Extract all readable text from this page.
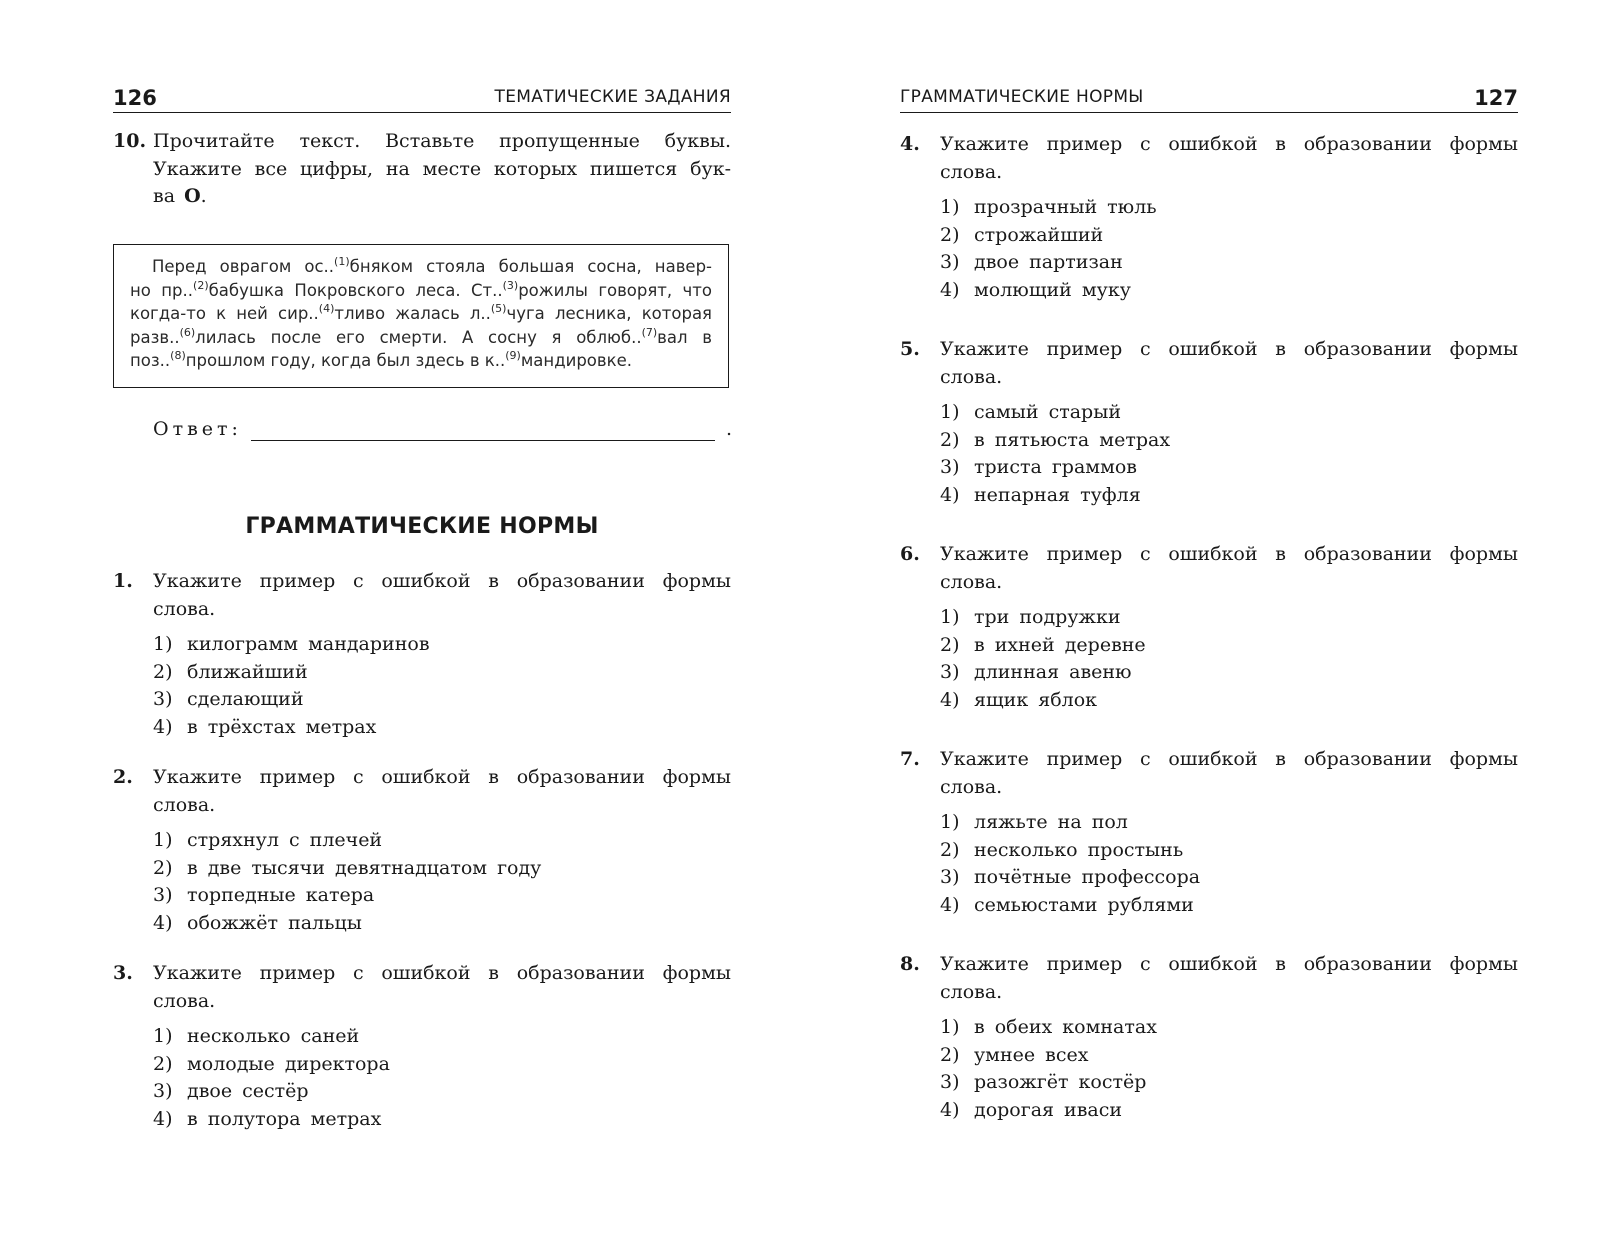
126	ТЕМАТИЧЕСКИЕ ЗАДАНИЯ
10. Прочитайте текст. Вставьте пропущенные буквы.
Укажите все цифры, на месте которых пишется бук-
ва О.
Перед оврагом ос..$^{(1)}$бняком стояла большая сосна, навер-
но пр..$^{(2)}$бабушка Покровского леса. Ст..$^{(3)}$рожилы говорят, что
когда-то к ней сир..$^{(4)}$тливо жалась л..$^{(5)}$чуга лесника, которая
разв..$^{(6)}$лилась после его смерти. А сосну я облюб..$^{(7)}$вал в
поз..$^{(8)}$прошлом году, когда был здесь в к..$^{(9)}$мандировке.
Ответ:	.
ГРАММАТИЧЕСКИЕ НОРМЫ
1. Укажите пример с ошибкой в образовании формы
слова.
1) килограмм мандаринов
2) ближайший
3) сделающий
4) в трёхстах метрах
2. Укажите пример с ошибкой в образовании формы
слова.
1) стряхнул с плечей
2) в две тысячи девятнадцатом году
3) торпедные катера
4) обожжёт пальцы
3. Укажите пример с ошибкой в образовании формы
слова.
1) несколько саней
2) молодые директора
3) двое сестёр
4) в полутора метрах
ГРАММАТИЧЕСКИЕ НОРМЫ	127
4. Укажите пример с ошибкой в образовании формы
слова.
1) прозрачный тюль
2) строжайший
3) двое партизан
4) молющий муку
5. Укажите пример с ошибкой в образовании формы
слова.
1) самый старый
2) в пятьюста метрах
3) триста граммов
4) непарная туфля
6. Укажите пример с ошибкой в образовании формы
слова.
1) три подружки
2) в ихней деревне
3) длинная авеню
4) ящик яблок
7. Укажите пример с ошибкой в образовании формы
слова.
1) ляжьте на пол
2) несколько простынь
3) почётные профессора
4) семьюстами рублями
8. Укажите пример с ошибкой в образовании формы
слова.
1) в обеих комнатах
2) умнее всех
3) разожгёт костёр
4) дорогая иваси
